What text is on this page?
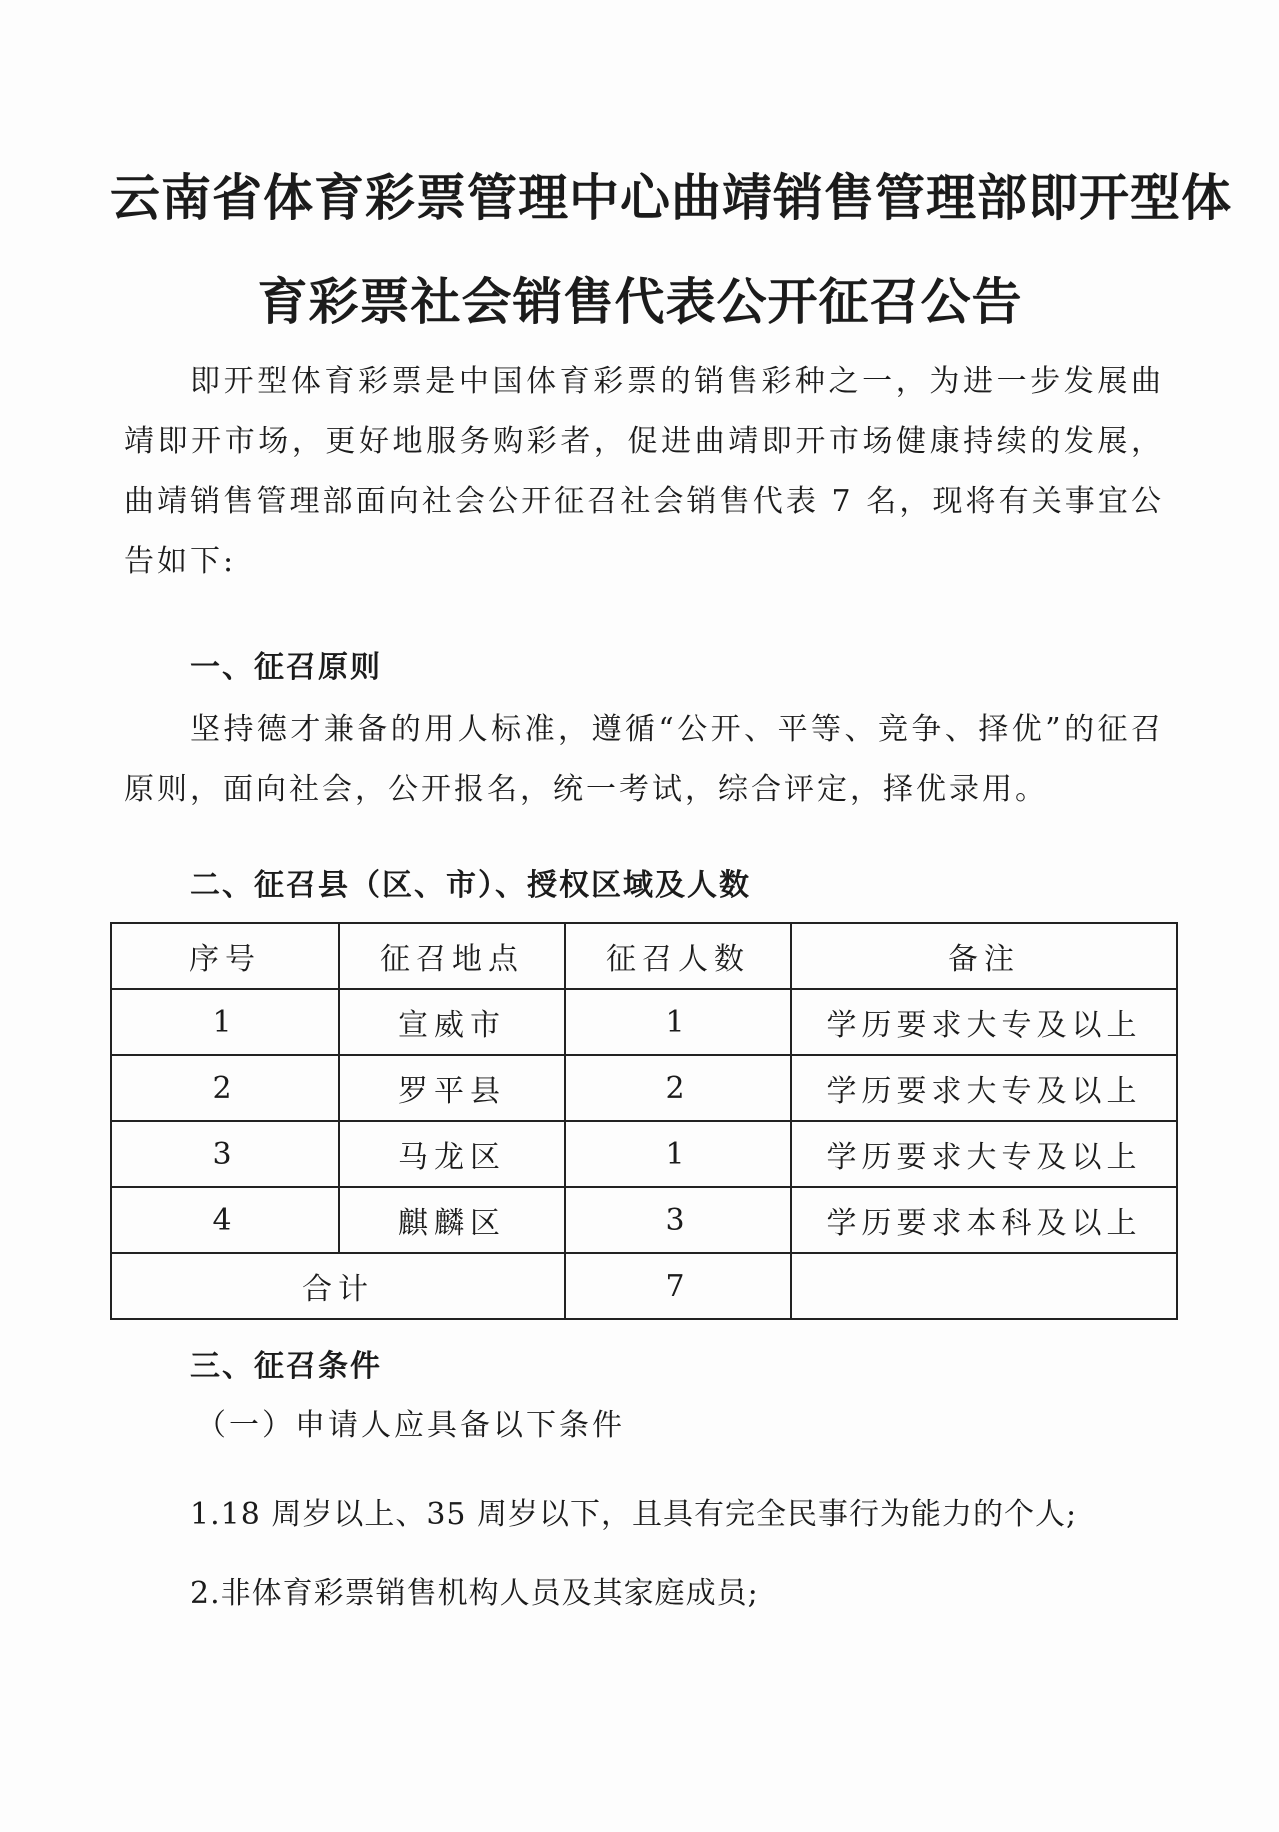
云南省体育彩票管理中心曲靖销售管理部即开型体
育彩票社会销售代表公开征召公告

即开型体育彩票是中国体育彩票的销售彩种之一，为进一步发展曲靖即开市场，更好地服务购彩者，促进曲靖即开市场健康持续的发展，曲靖销售管理部面向社会公开征召社会销售代表 7 名，现将有关事宜公告如下:

一、征召原则

坚持德才兼备的用人标准，遵循“公开、平等、竞争、择优”的征召原则，面向社会，公开报名，统一考试，综合评定，择优录用。

二、征召县（区、市）、授权区域及人数
序号	征召地点	征召人数	备注
1	宣威市	1	学历要求大专及以上
2	罗平县	2	学历要求大专及以上
3	马龙区	1	学历要求大专及以上
4	麒麟区	3	学历要求本科及以上
合计		7	
三、征召条件
（一）申请人应具备以下条件
1.18 周岁以上、35 周岁以下，且具有完全民事行为能力的个人;
2.非体育彩票销售机构人员及其家庭成员;
